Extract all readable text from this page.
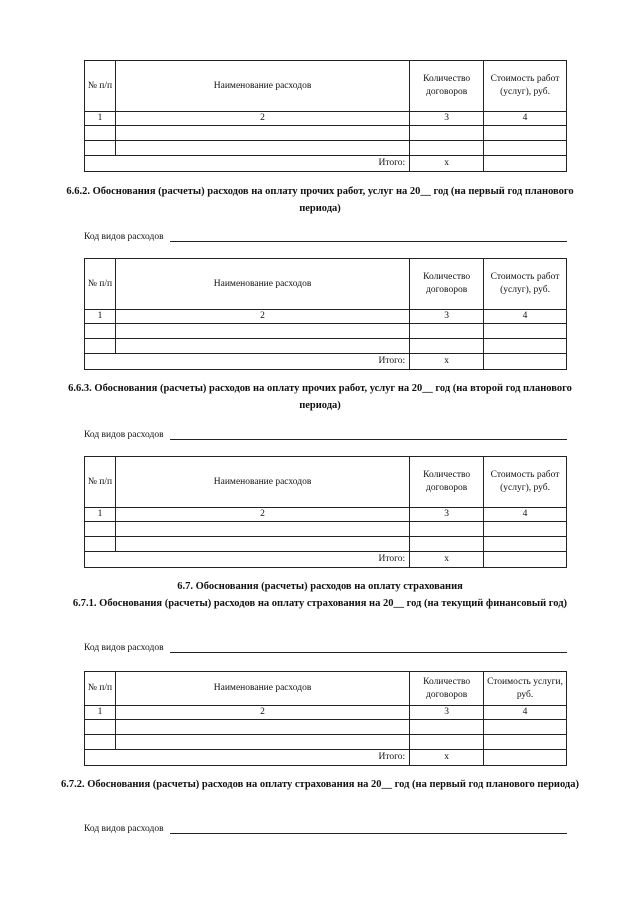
№ п/п	Наименование расходов	Количество договоров	Стоимость работ (услуг), руб.
1	2	3	4

	Итого:	x	
6.6.2. Обоснования (расчеты) расходов на оплату прочих работ, услуг на 20__ год (на первый год планового периода)
Код видов расходов
№ п/п	Наименование расходов	Количество договоров	Стоимость работ (услуг), руб.
1	2	3	4

	Итого:	x	
6.6.3. Обоснования (расчеты) расходов на оплату прочих работ, услуг на 20__ год (на второй год планового периода)
Код видов расходов
№ п/п	Наименование расходов	Количество договоров	Стоимость работ (услуг), руб.
1	2	3	4

	Итого:	x	
6.7. Обоснования (расчеты) расходов на оплату страхования
6.7.1. Обоснования (расчеты) расходов на оплату страхования на 20__ год (на текущий финансовый год)
Код видов расходов
№ п/п	Наименование расходов	Количество договоров	Стоимость услуги, руб.
1	2	3	4

	Итого:	x	
6.7.2. Обоснования (расчеты) расходов на оплату страхования на 20__ год (на первый год планового периода)
Код видов расходов
